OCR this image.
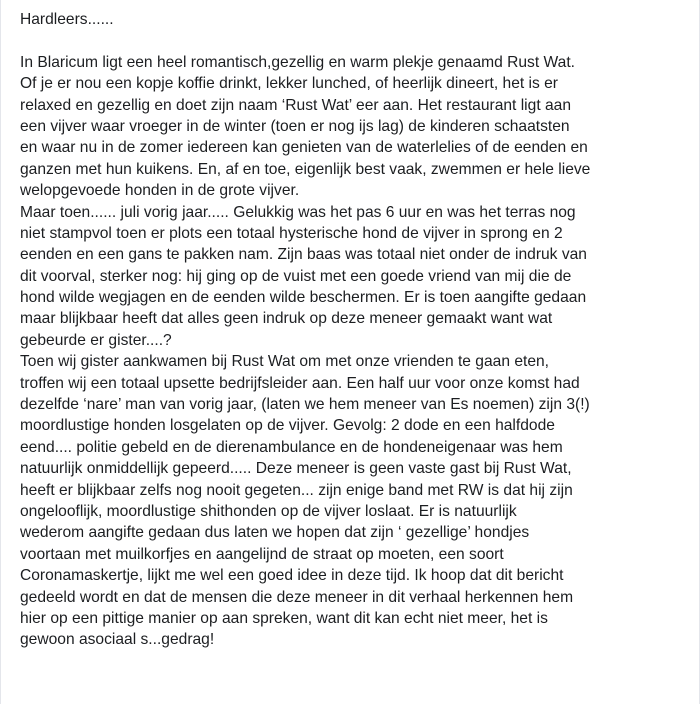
Hardleers......
In Blaricum ligt een heel romantisch,gezellig en warm plekje genaamd Rust Wat.
Of je er nou een kopje koffie drinkt, lekker lunched, of heerlijk dineert, het is er
relaxed en gezellig en doet zijn naam ‘Rust Wat’ eer aan. Het restaurant ligt aan
een vijver waar vroeger in de winter (toen er nog ijs lag) de kinderen schaatsten
en waar nu in de zomer iedereen kan genieten van de waterlelies of de eenden en
ganzen met hun kuikens. En, af en toe, eigenlijk best vaak, zwemmen er hele lieve
welopgevoede honden in de grote vijver.
Maar toen...... juli vorig jaar..... Gelukkig was het pas 6 uur en was het terras nog
niet stampvol toen er plots een totaal hysterische hond de vijver in sprong en 2
eenden en een gans te pakken nam. Zijn baas was totaal niet onder de indruk van
dit voorval, sterker nog: hij ging op de vuist met een goede vriend van mij die de
hond wilde wegjagen en de eenden wilde beschermen. Er is toen aangifte gedaan
maar blijkbaar heeft dat alles geen indruk op deze meneer gemaakt want wat
gebeurde er gister....?
Toen wij gister aankwamen bij Rust Wat om met onze vrienden te gaan eten,
troffen wij een totaal upsette bedrijfsleider aan. Een half uur voor onze komst had
dezelfde ‘nare’ man van vorig jaar, (laten we hem meneer van Es noemen) zijn 3(!)
moordlustige honden losgelaten op de vijver. Gevolg: 2 dode en een halfdode
eend.... politie gebeld en de dierenambulance en de hondeneigenaar was hem
natuurlijk onmiddellijk gepeerd..... Deze meneer is geen vaste gast bij Rust Wat,
heeft er blijkbaar zelfs nog nooit gegeten... zijn enige band met RW is dat hij zijn
ongelooflijk, moordlustige shithonden op de vijver loslaat. Er is natuurlijk
wederom aangifte gedaan dus laten we hopen dat zijn ‘ gezellige’ hondjes
voortaan met muilkorfjes en aangelijnd de straat op moeten, een soort
Coronamaskertje, lijkt me wel een goed idee in deze tijd. Ik hoop dat dit bericht
gedeeld wordt en dat de mensen die deze meneer in dit verhaal herkennen hem
hier op een pittige manier op aan spreken, want dit kan echt niet meer, het is
gewoon asociaal s...gedrag!
